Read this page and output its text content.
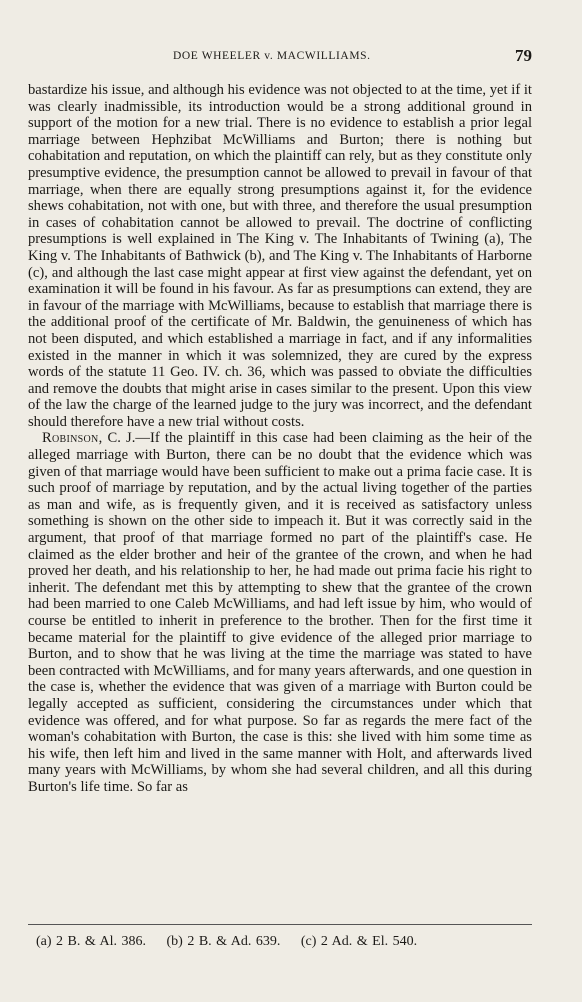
DOE WHEELER v. MACWILLIAMS.	79

bastardize his issue, and although his evidence was not objected to at the time, yet if it was clearly inadmissible, its introduction would be a strong additional ground in support of the motion for a new trial. There is no evidence to establish a prior legal marriage between Hephzibat McWilliams and Burton; there is nothing but cohabitation and reputation, on which the plaintiff can rely, but as they constitute only presumptive evidence, the presumption cannot be allowed to prevail in favour of that marriage, when there are equally strong presumptions against it, for the evidence shews cohabitation, not with one, but with three, and therefore the usual presumption in cases of cohabitation cannot be allowed to prevail. The doctrine of conflicting presumptions is well explained in The King v. The Inhabitants of Twining (a), The King v. The Inhabitants of Bathwick (b), and The King v. The Inhabitants of Harborne (c), and although the last case might appear at first view against the defendant, yet on examination it will be found in his favour. As far as presumptions can extend, they are in favour of the marriage with McWilliams, because to establish that marriage there is the additional proof of the certificate of Mr. Baldwin, the genuineness of which has not been disputed, and which established a marriage in fact, and if any informalities existed in the manner in which it was solemnized, they are cured by the express words of the statute 11 Geo. IV. ch. 36, which was passed to obviate the difficulties and remove the doubts that might arise in cases similar to the present. Upon this view of the law the charge of the learned judge to the jury was incorrect, and the defendant should therefore have a new trial without costs.

Robinson, C. J.—If the plaintiff in this case had been claiming as the heir of the alleged marriage with Burton, there can be no doubt that the evidence which was given of that marriage would have been sufficient to make out a prima facie case. It is such proof of marriage by reputation, and by the actual living together of the parties as man and wife, as is frequently given, and it is received as satisfactory unless something is shown on the other side to impeach it. But it was correctly said in the argument, that proof of that marriage formed no part of the plaintiff's case. He claimed as the elder brother and heir of the grantee of the crown, and when he had proved her death, and his relationship to her, he had made out prima facie his right to inherit. The defendant met this by attempting to shew that the grantee of the crown had been married to one Caleb McWilliams, and had left issue by him, who would of course be entitled to inherit in preference to the brother. Then for the first time it became material for the plaintiff to give evidence of the alleged prior marriage to Burton, and to show that he was living at the time the marriage was stated to have been contracted with McWilliams, and for many years afterwards, and one question in the case is, whether the evidence that was given of a marriage with Burton could be legally accepted as sufficient, considering the circumstances under which that evidence was offered, and for what purpose. So far as regards the mere fact of the woman's cohabitation with Burton, the case is this: she lived with him some time as his wife, then left him and lived in the same manner with Holt, and afterwards lived many years with McWilliams, by whom she had several children, and all this during Burton's life time. So far as

(a) 2 B. & Al. 386. (b) 2 B. & Ad. 639. (c) 2 Ad. & El. 540.
